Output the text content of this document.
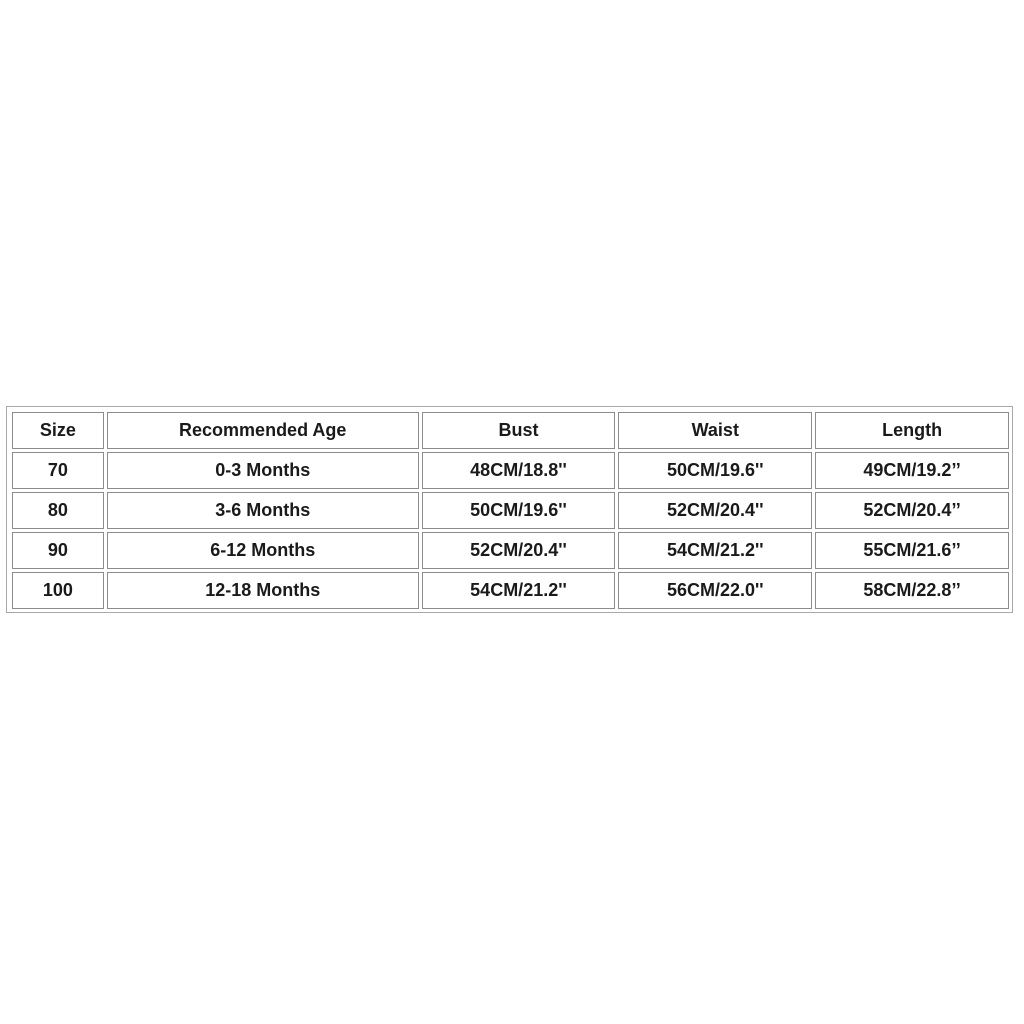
Size	Recommended Age	Bust	Waist	Length
70	0-3 Months	48CM/18.8''	50CM/19.6''	49CM/19.2’’
80	3-6 Months	50CM/19.6''	52CM/20.4''	52CM/20.4’’
90	6-12 Months	52CM/20.4''	54CM/21.2''	55CM/21.6’’
100	12-18 Months	54CM/21.2''	56CM/22.0''	58CM/22.8’’
